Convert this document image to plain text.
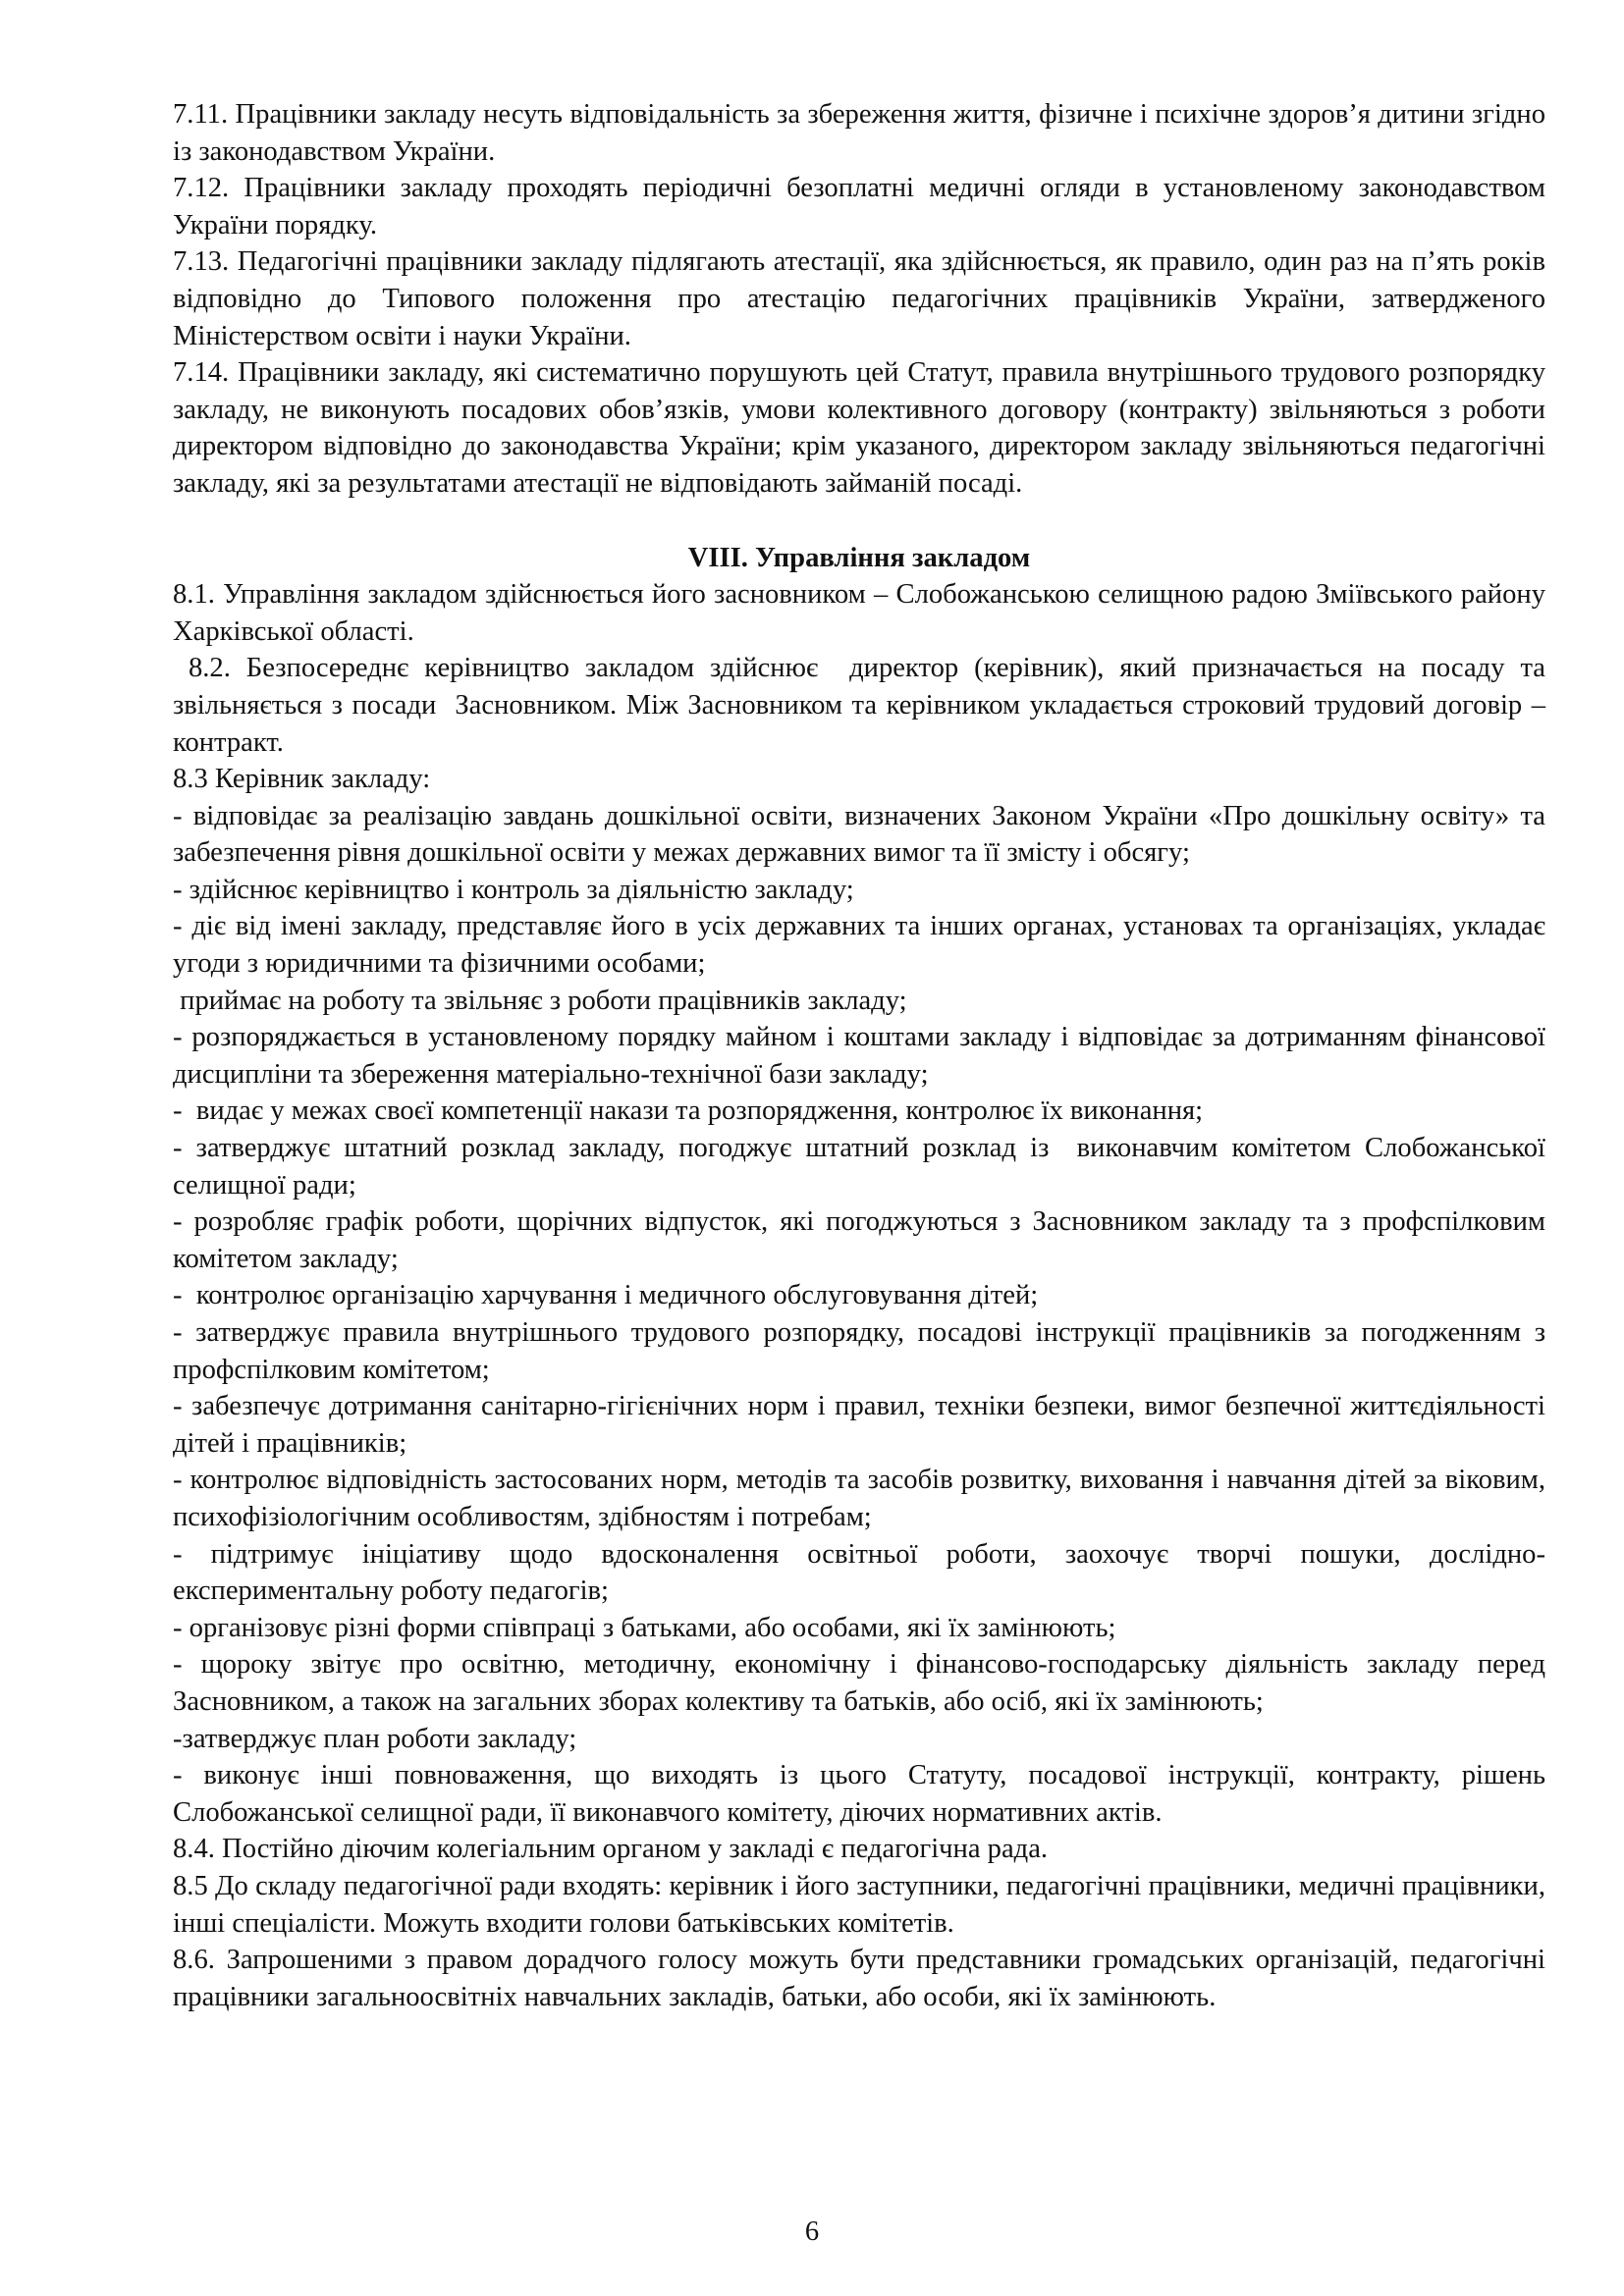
7.11. Працівники закладу несуть відповідальність за збереження життя, фізичне і психічне здоров’я дитини згідно із законодавством України.

7.12. Працівники закладу проходять періодичні безоплатні медичні огляди в установленому законодавством України порядку.

7.13. Педагогічні працівники закладу підлягають атестації, яка здійснюється, як правило, один раз на п’ять років відповідно до Типового положення про атестацію педагогічних працівників України, затвердженого Міністерством освіти і науки України.

7.14. Працівники закладу, які систематично порушують цей Статут, правила внутрішнього трудового розпорядку закладу, не виконують посадових обов’язків, умови колективного договору (контракту) звільняються з роботи директором відповідно до законодавства України; крім указаного, директором закладу звільняються педагогічні закладу, які за результатами атестації не відповідають займаній посаді.

VIII. Управління закладом

8.1. Управління закладом здійснюється його засновником – Слобожанською селищною радою Зміївського району Харківської області.

8.2. Безпосереднє керівництво закладом здійснює  директор (керівник), який призначається на посаду та звільняється з посади  Засновником. Між Засновником та керівником укладається строковий трудовий договір – контракт.

8.3 Керівник закладу:

- відповідає за реалізацію завдань дошкільної освіти, визначених Законом України «Про дошкільну освіту» та забезпечення рівня дошкільної освіти у межах державних вимог та її змісту і обсягу;

- здійснює керівництво і контроль за діяльністю закладу;

- діє від імені закладу, представляє його в усіх державних та інших органах, установах та організаціях, укладає угоди з юридичними та фізичними особами;

приймає на роботу та звільняє з роботи працівників закладу;

- розпоряджається в установленому порядку майном і коштами закладу і відповідає за дотриманням фінансової дисципліни та збереження матеріально-технічної бази закладу;

-  видає у межах своєї компетенції накази та розпорядження, контролює їх виконання;

- затверджує штатний розклад закладу, погоджує штатний розклад із  виконавчим комітетом Слобожанської селищної ради;

- розробляє графік роботи, щорічних відпусток, які погоджуються з Засновником закладу та з профспілковим комітетом закладу;

-  контролює організацію харчування і медичного обслуговування дітей;

- затверджує правила внутрішнього трудового розпорядку, посадові інструкції працівників за погодженням з профспілковим комітетом;

- забезпечує дотримання санітарно-гігієнічних норм і правил, техніки безпеки, вимог безпечної життєдіяльності дітей і працівників;

- контролює відповідність застосованих норм, методів та засобів розвитку, виховання і навчання дітей за віковим, психофізіологічним особливостям, здібностям і потребам;

- підтримує ініціативу щодо вдосконалення освітньої роботи, заохочує творчі пошуки, дослідно-експериментальну роботу педагогів;

- організовує різні форми співпраці з батьками, або особами, які їх замінюють;

- щороку звітує про освітню, методичну, економічну і фінансово-господарську діяльність закладу перед Засновником, а також на загальних зборах колективу та батьків, або осіб, які їх замінюють;

-затверджує план роботи закладу;

- виконує інші повноваження, що виходять із цього Статуту, посадової інструкції, контракту, рішень Слобожанської селищної ради, її виконавчого комітету, діючих нормативних актів.

8.4. Постійно діючим колегіальним органом у закладі є педагогічна рада.

8.5 До складу педагогічної ради входять: керівник і його заступники, педагогічні працівники, медичні працівники, інші спеціалісти. Можуть входити голови батьківських комітетів.

8.6. Запрошеними з правом дорадчого голосу можуть бути представники громадських організацій, педагогічні працівники загальноосвітніх навчальних закладів, батьки, або особи, які їх замінюють.

6
